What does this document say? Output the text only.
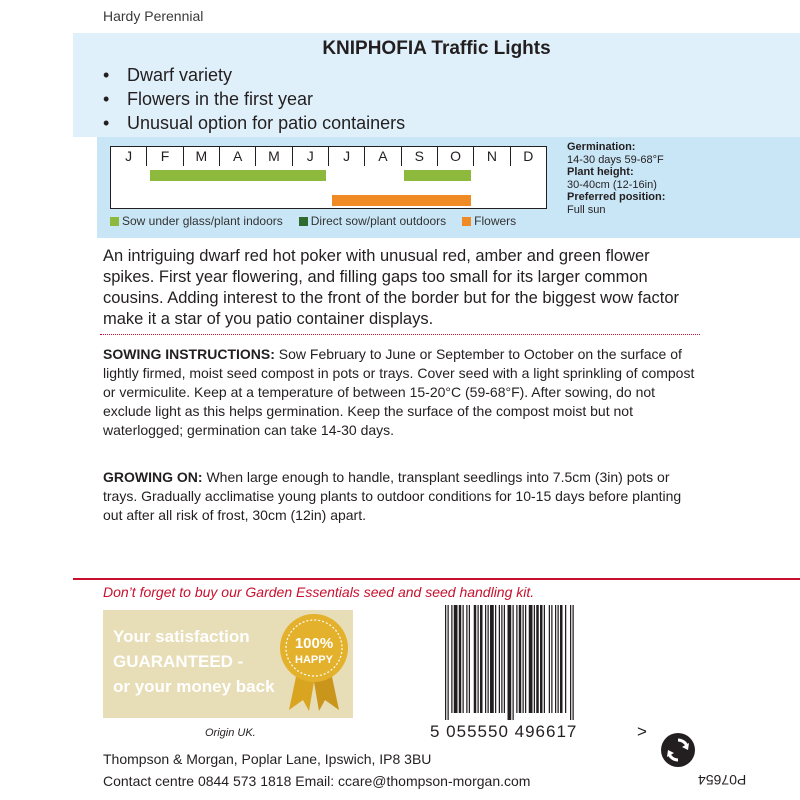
Hardy Perennial
KNIPHOFIA Traffic Lights
• Dwarf variety
• Flowers in the first year
• Unusual option for patio containers
J	F	M	A	M	J	J	A	S	O	N	D
Sow under glass/plant indoors Direct sow/plant outdoors Flowers
Germination:
14-30 days 59-68°F
Plant height:
30-40cm (12-16in)
Preferred position:
Full sun
An intriguing dwarf red hot poker with unusual red, amber and green flower spikes. First year flowering, and filling gaps too small for its larger common cousins. Adding interest to the front of the border but for the biggest wow factor make it a star of you patio container displays.
SOWING INSTRUCTIONS: Sow February to June or September to October on the surface of lightly firmed, moist seed compost in pots or trays. Cover seed with a light sprinkling of compost or vermiculite. Keep at a temperature of between 15-20°C (59-68°F). After sowing, do not exclude light as this helps germination. Keep the surface of the compost moist but not waterlogged; germination can take 14-30 days.
GROWING ON: When large enough to handle, transplant seedlings into 7.5cm (3in) pots or trays. Gradually acclimatise young plants to outdoor conditions for 10-15 days before planting out after all risk of frost, 30cm (12in) apart.
Don’t forget to buy our Garden Essentials seed and seed handling kit.
Your satisfaction
GUARANTEED -
or your money back
100%
HAPPY
Origin UK.
Thompson & Morgan, Poplar Lane, Ipswich, IP8 3BU
Contact centre 0844 573 1818 Email: ccare@thompson-morgan.com
5 055550 496617	>
P07654
